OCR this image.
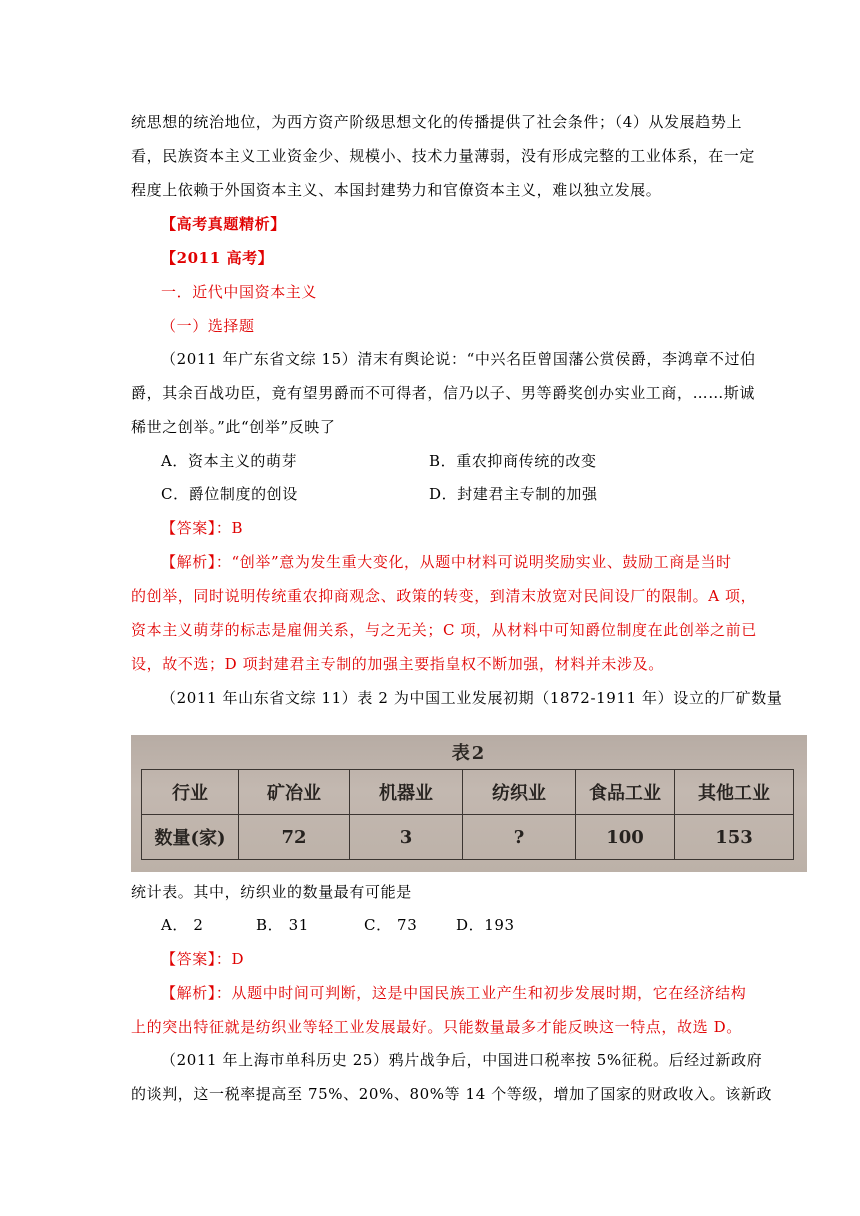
统思想的统治地位，为西方资产阶级思想文化的传播提供了社会条件；（4）从发展趋势上
看，民族资本主义工业资金少、规模小、技术力量薄弱，没有形成完整的工业体系，在一定
程度上依赖于外国资本主义、本国封建势力和官僚资本主义，难以独立发展。
【高考真题精析】
【2011 高考】
一．近代中国资本主义
（一）选择题
（2011 年广东省文综 15）清末有舆论说：“中兴名臣曾国藩公赏侯爵，李鸿章不过伯
爵，其余百战功臣，竟有望男爵而不可得者，信乃以子、男等爵奖创办实业工商，……斯诚
稀世之创举。”此“创举”反映了
A．资本主义的萌芽	B．重农抑商传统的改变
C．爵位制度的创设	D．封建君主专制的加强
【答案】：B
【解析】：“创举”意为发生重大变化，从题中材料可说明奖励实业、鼓励工商是当时
的创举，同时说明传统重农抑商观念、政策的转变，到清末放宽对民间设厂的限制。A 项，
资本主义萌芽的标志是雇佣关系，与之无关；C 项，从材料中可知爵位制度在此创举之前已
设，故不选；D 项封建君主专制的加强主要指皇权不断加强，材料并未涉及。
（2011 年山东省文综 11）表 2 为中国工业发展初期（1872-1911 年）设立的厂矿数量
表2
行业	矿冶业	机器业	纺织业	食品工业	其他工业
数量(家)	72	3	?	100	153
统计表。其中，纺织业的数量最有可能是
A． 2	B． 31	C． 73	D．193
【答案】：D
【解析】：从题中时间可判断，这是中国民族工业产生和初步发展时期，它在经济结构
上的突出特征就是纺织业等轻工业发展最好。只能数量最多才能反映这一特点，故选 D。
（2011 年上海市单科历史 25）鸦片战争后，中国进口税率按 5%征税。后经过新政府
的谈判，这一税率提高至 75%、20%、80%等 14 个等级，增加了国家的财政收入。该新政
